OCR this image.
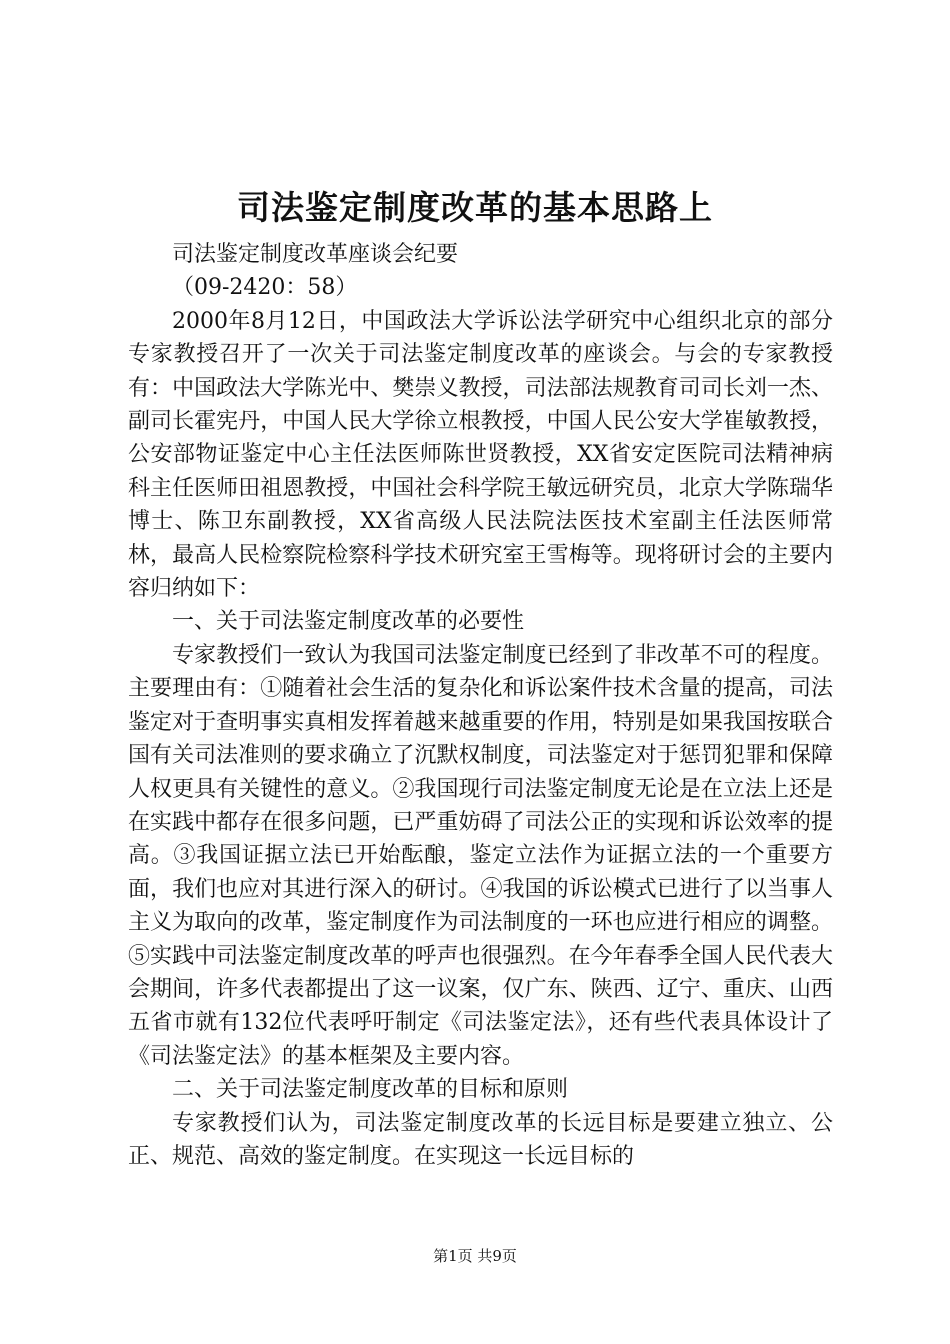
司法鉴定制度改革的基本思路上

司法鉴定制度改革座谈会纪要

（09-2420：58）

2000年8月12日，中国政法大学诉讼法学研究中心组织北京的部分专家教授召开了一次关于司法鉴定制度改革的座谈会。与会的专家教授有：中国政法大学陈光中、樊崇义教授，司法部法规教育司司长刘一杰、副司长霍宪丹，中国人民大学徐立根教授，中国人民公安大学崔敏教授，公安部物证鉴定中心主任法医师陈世贤教授，XX省安定医院司法精神病科主任医师田祖恩教授，中国社会科学院王敏远研究员，北京大学陈瑞华博士、陈卫东副教授，XX省高级人民法院法医技术室副主任法医师常林，最高人民检察院检察科学技术研究室王雪梅等。现将研讨会的主要内容归纳如下：

一、关于司法鉴定制度改革的必要性

专家教授们一致认为我国司法鉴定制度已经到了非改革不可的程度。主要理由有：①随着社会生活的复杂化和诉讼案件技术含量的提高，司法鉴定对于查明事实真相发挥着越来越重要的作用，特别是如果我国按联合国有关司法准则的要求确立了沉默权制度，司法鉴定对于惩罚犯罪和保障人权更具有关键性的意义。②我国现行司法鉴定制度无论是在立法上还是在实践中都存在很多问题，已严重妨碍了司法公正的实现和诉讼效率的提高。③我国证据立法已开始酝酿，鉴定立法作为证据立法的一个重要方面，我们也应对其进行深入的研讨。④我国的诉讼模式已进行了以当事人主义为取向的改革，鉴定制度作为司法制度的一环也应进行相应的调整。⑤实践中司法鉴定制度改革的呼声也很强烈。在今年春季全国人民代表大会期间，许多代表都提出了这一议案，仅广东、陕西、辽宁、重庆、山西五省市就有132位代表呼吁制定《司法鉴定法》，还有些代表具体设计了《司法鉴定法》的基本框架及主要内容。

二、关于司法鉴定制度改革的目标和原则

专家教授们认为，司法鉴定制度改革的长远目标是要建立独立、公正、规范、高效的鉴定制度。在实现这一长远目标的

第1页 共9页
